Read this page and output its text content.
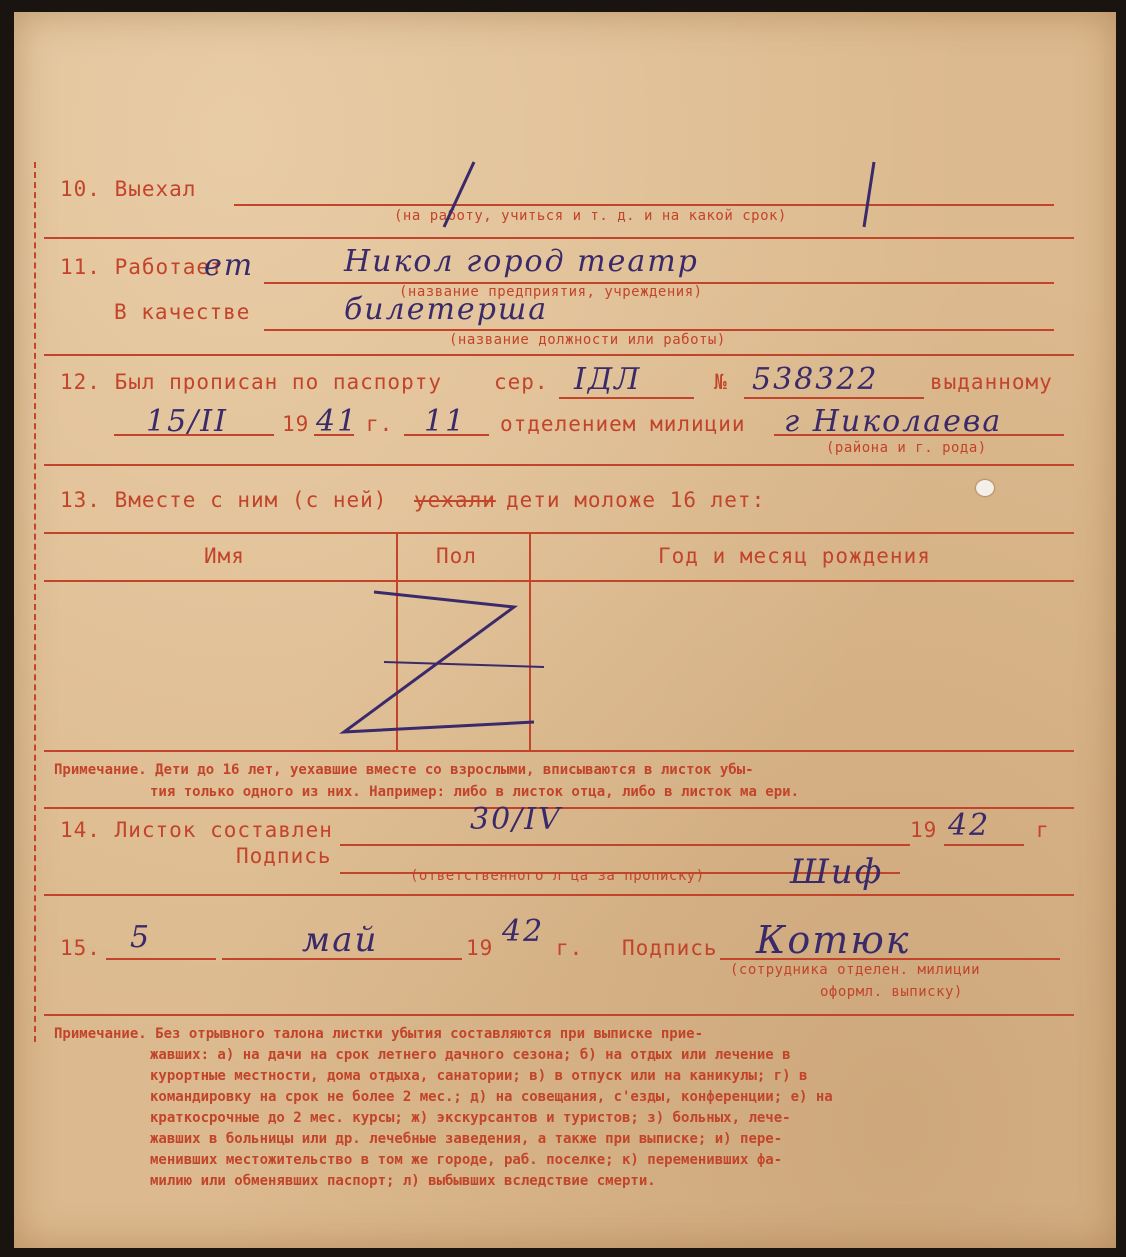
10. Выехал
(на работу, учиться и т. д. и на какой срок)
11. Работает
ет	Никол город театр
(название предприятия, учреждения)
В качестве	билетерша
(название должности или работы)
12. Был прописан по паспорту сер. IДЛ	№ 538322 выданному
15/II	19 41 г. 11 отделением милиции г Николаева
(района и г. рода)
13. Вместе с ним (с ней) уехали дети моложе 16 лет:
Имя	Пол	Год и месяц рождения
Примечание. Дети до 16 лет, уехавшие вместе со взрослыми, вписываются в листок убы-
тия только одного из них. Например: либо в листок отца, либо в листок ма ери.
14. Листок составлен	30/IV	19 42 г
Подпись
(ответственного л ца за прописку)	Шиф
15. 5	май	19 42 г. Подпись Котюк
(сотрудника отделен. милиции
оформл. выписку)
Примечание. Без отрывного талона листки убытия составляются при выписке прие-
жавших: а) на дачи на срок летнего дачного сезона; б) на отдых или лечение в
курортные местности, дома отдыха, санатории; в) в отпуск или на каникулы; г) в
командировку на срок не более 2 мес.; д) на совещания, с'езды, конференции; е) на
краткосрочные до 2 мес. курсы; ж) экскурсантов и туристов; з) больных, лече-
жавших в больницы или др. лечебные заведения, а также при выписке; и) пере-
менивших местожительство в том же городе, раб. поселке; к) переменивших фа-
милию или обменявших паспорт; л) выбывших вследствие смерти.
